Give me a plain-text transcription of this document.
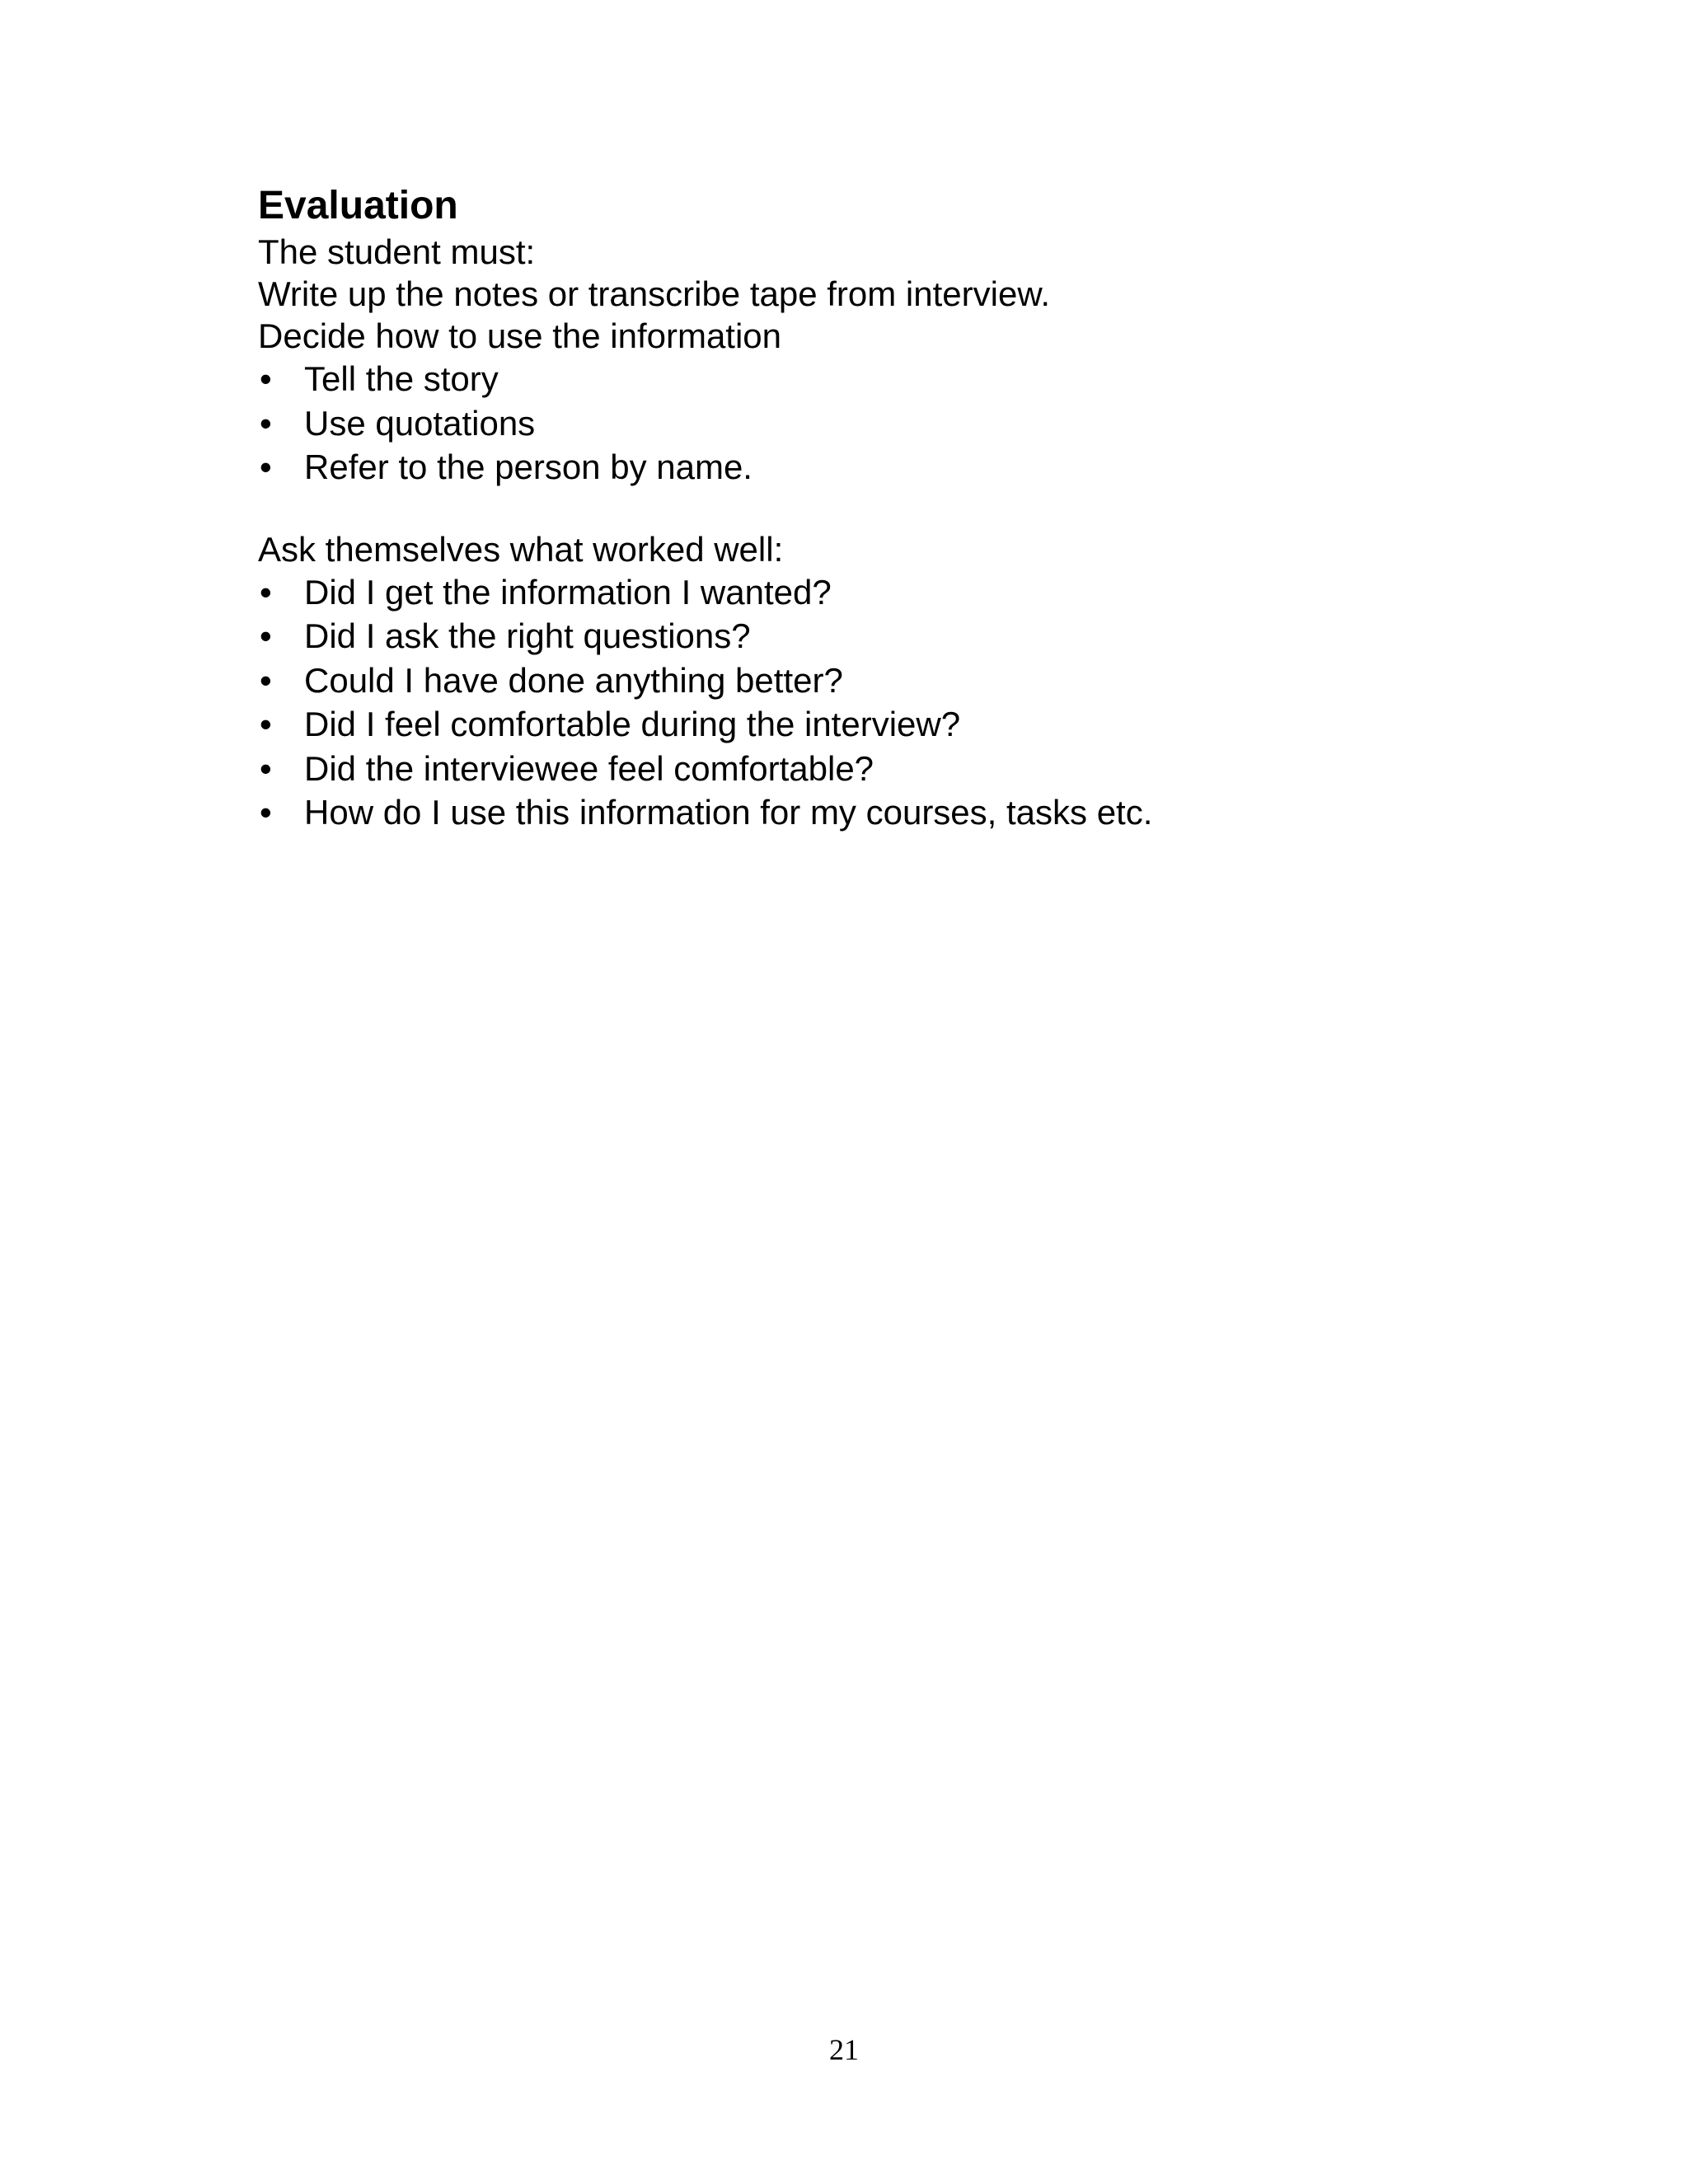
Evaluation

The student must:

Write up the notes or transcribe tape from interview.

Decide how to use the information

• Tell the story
• Use quotations
• Refer to the person by name.

Ask themselves what worked well:

• Did I get the information I wanted?
• Did I ask the right questions?
• Could I have done anything better?
• Did I feel comfortable during the interview?
• Did the interviewee feel comfortable?
• How do I use this information for my courses, tasks etc.
21
